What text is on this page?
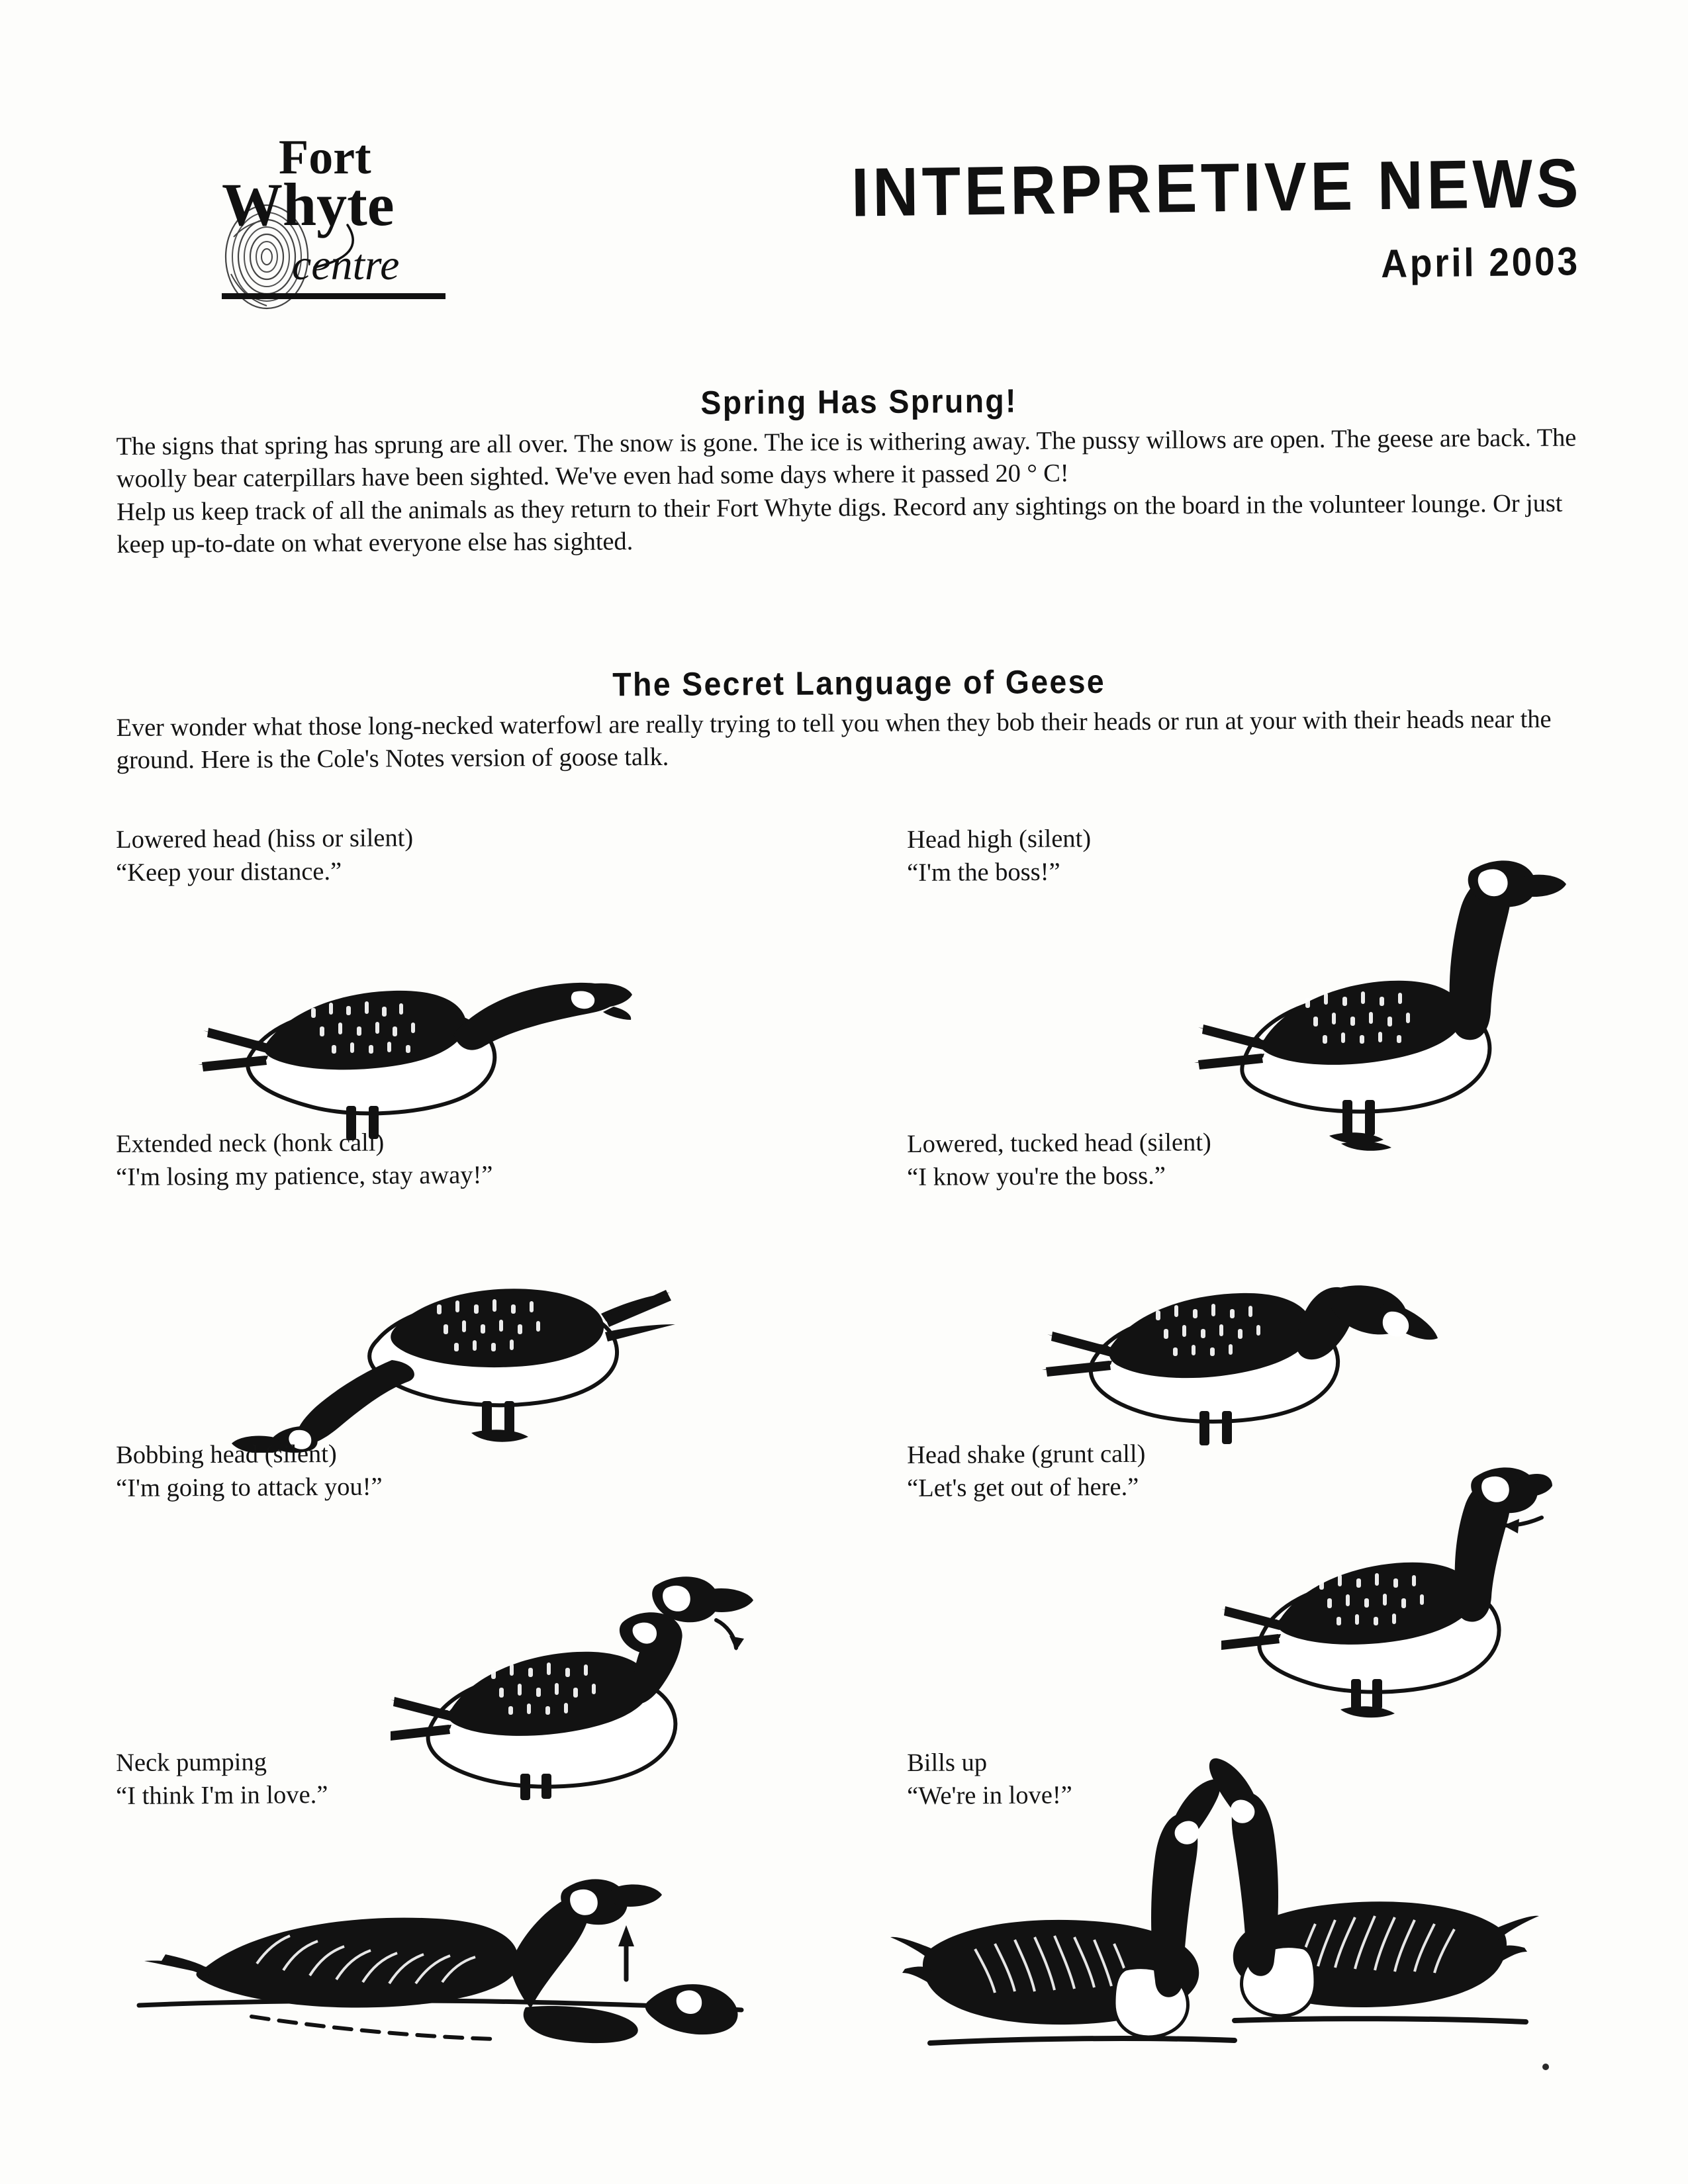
Fort
Whyte
centre
INTERPRETIVE NEWS
April 2003
Spring Has Sprung!

The signs that spring has sprung are all over. The snow is gone. The ice is withering away. The pussy willows are open. The geese are back. The woolly bear caterpillars have been sighted. We've even had some days where it passed 20 ° C!

Help us keep track of all the animals as they return to their Fort Whyte digs. Record any sightings on the board in the volunteer lounge. Or just keep up-to-date on what everyone else has sighted.

The Secret Language of Geese

Ever wonder what those long-necked waterfowl are really trying to tell you when they bob their heads or run at your with their heads near the ground. Here is the Cole's Notes version of goose talk.

Lowered head (hiss or silent)
“Keep your distance.”
Head high (silent)
“I'm the boss!”
Extended neck (honk call)
“I'm losing my patience, stay away!”
Lowered, tucked head (silent)
“I know you're the boss.”
Bobbing head (silent)
“I'm going to attack you!”
Head shake (grunt call)
“Let's get out of here.”
Neck pumping
“I think I'm in love.”
Bills up
“We're in love!”
